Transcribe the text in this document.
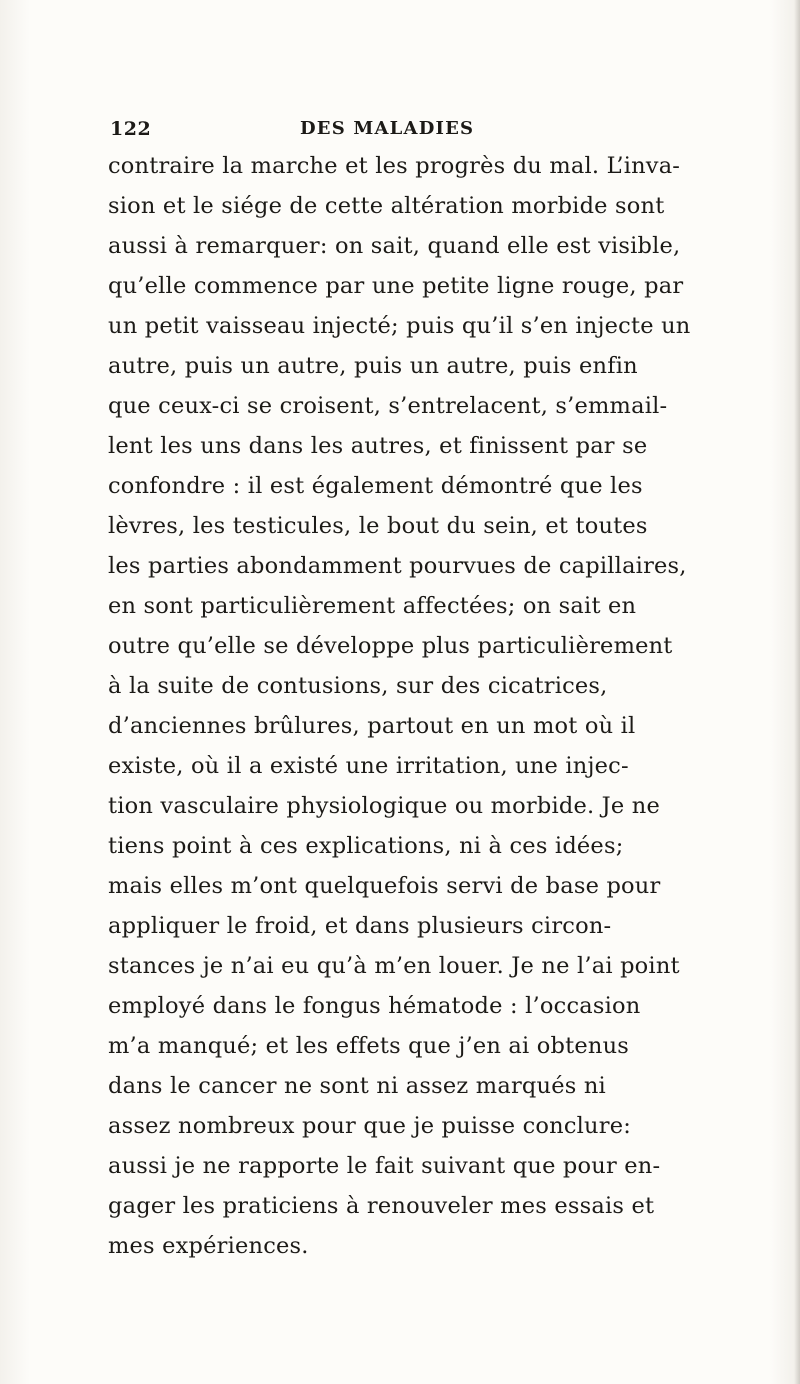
122	DES MALADIES
contraire la marche et les progrès du mal. L’inva-
sion et le siége de cette altération morbide sont
aussi à remarquer: on sait, quand elle est visible,
qu’elle commence par une petite ligne rouge, par
un petit vaisseau injecté; puis qu’il s’en injecte un
autre, puis un autre, puis un autre, puis enfin
que ceux-ci se croisent, s’entrelacent, s’emmail-
lent les uns dans les autres, et finissent par se
confondre : il est également démontré que les
lèvres, les testicules, le bout du sein, et toutes
les parties abondamment pourvues de capillaires,
en sont particulièrement affectées; on sait en
outre qu’elle se développe plus particulièrement
à la suite de contusions, sur des cicatrices,
d’anciennes brûlures, partout en un mot où il
existe, où il a existé une irritation, une injec-
tion vasculaire physiologique ou morbide. Je ne
tiens point à ces explications, ni à ces idées;
mais elles m’ont quelquefois servi de base pour
appliquer le froid, et dans plusieurs circon-
stances je n’ai eu qu’à m’en louer. Je ne l’ai point
employé dans le fongus hématode : l’occasion
m’a manqué; et les effets que j’en ai obtenus
dans le cancer ne sont ni assez marqués ni
assez nombreux pour que je puisse conclure:
aussi je ne rapporte le fait suivant que pour en-
gager les praticiens à renouveler mes essais et
mes expériences.
